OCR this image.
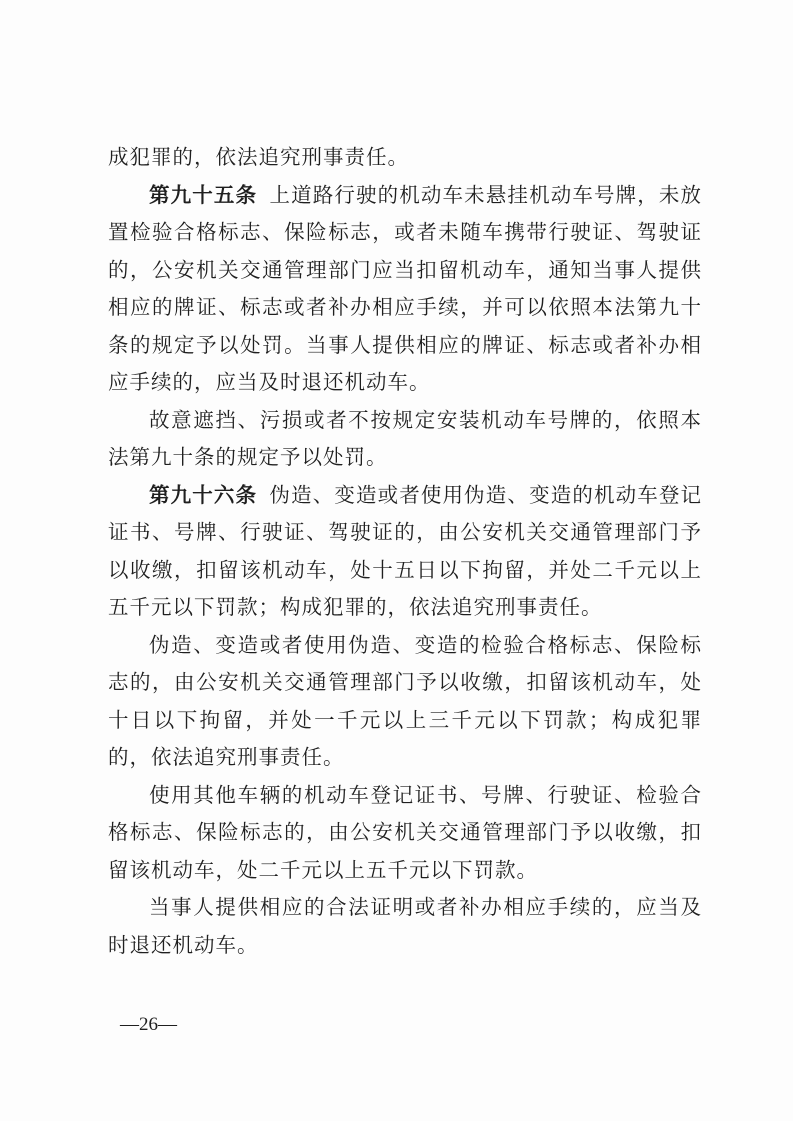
成犯罪的，依法追究刑事责任。

第九十五条 上道路行驶的机动车未悬挂机动车号牌，未放置检验合格标志、保险标志，或者未随车携带行驶证、驾驶证的，公安机关交通管理部门应当扣留机动车，通知当事人提供相应的牌证、标志或者补办相应手续，并可以依照本法第九十条的规定予以处罚。当事人提供相应的牌证、标志或者补办相应手续的，应当及时退还机动车。

故意遮挡、污损或者不按规定安装机动车号牌的，依照本法第九十条的规定予以处罚。

第九十六条 伪造、变造或者使用伪造、变造的机动车登记证书、号牌、行驶证、驾驶证的，由公安机关交通管理部门予以收缴，扣留该机动车，处十五日以下拘留，并处二千元以上五千元以下罚款；构成犯罪的，依法追究刑事责任。

伪造、变造或者使用伪造、变造的检验合格标志、保险标志的，由公安机关交通管理部门予以收缴，扣留该机动车，处十日以下拘留，并处一千元以上三千元以下罚款；构成犯罪的，依法追究刑事责任。

使用其他车辆的机动车登记证书、号牌、行驶证、检验合格标志、保险标志的，由公安机关交通管理部门予以收缴，扣留该机动车，处二千元以上五千元以下罚款。

当事人提供相应的合法证明或者补办相应手续的，应当及时退还机动车。

—26—
